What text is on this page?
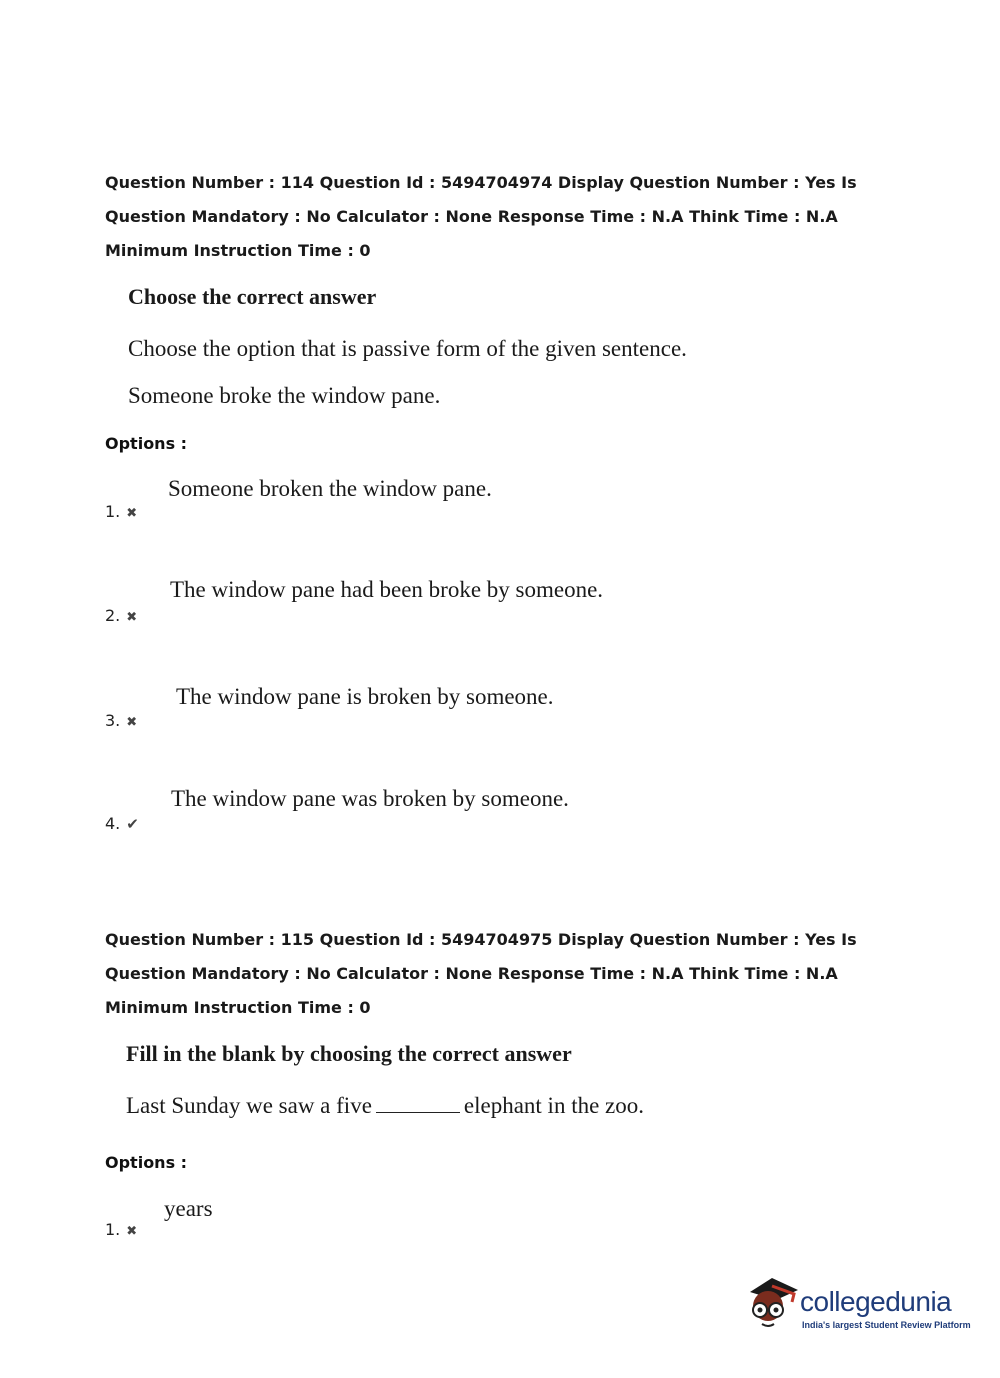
Question Number : 114 Question Id : 5494704974 Display Question Number : Yes Is Question Mandatory : No Calculator : None Response Time : N.A Think Time : N.A Minimum Instruction Time : 0
Choose the correct answer
Choose the option that is passive form of the given sentence.
Someone broke the window pane.
Options :
Someone broken the window pane.
1. ✖
The window pane had been broke by someone.
2. ✖
The window pane is broken by someone.
3. ✖
The window pane was broken by someone.
4. ✔
Question Number : 115 Question Id : 5494704975 Display Question Number : Yes Is Question Mandatory : No Calculator : None Response Time : N.A Think Time : N.A Minimum Instruction Time : 0
Fill in the blank by choosing the correct answer
Last Sunday we saw a five	elephant in the zoo.
Options :
years
1. ✖
collegedunia
India's largest Student Review Platform
